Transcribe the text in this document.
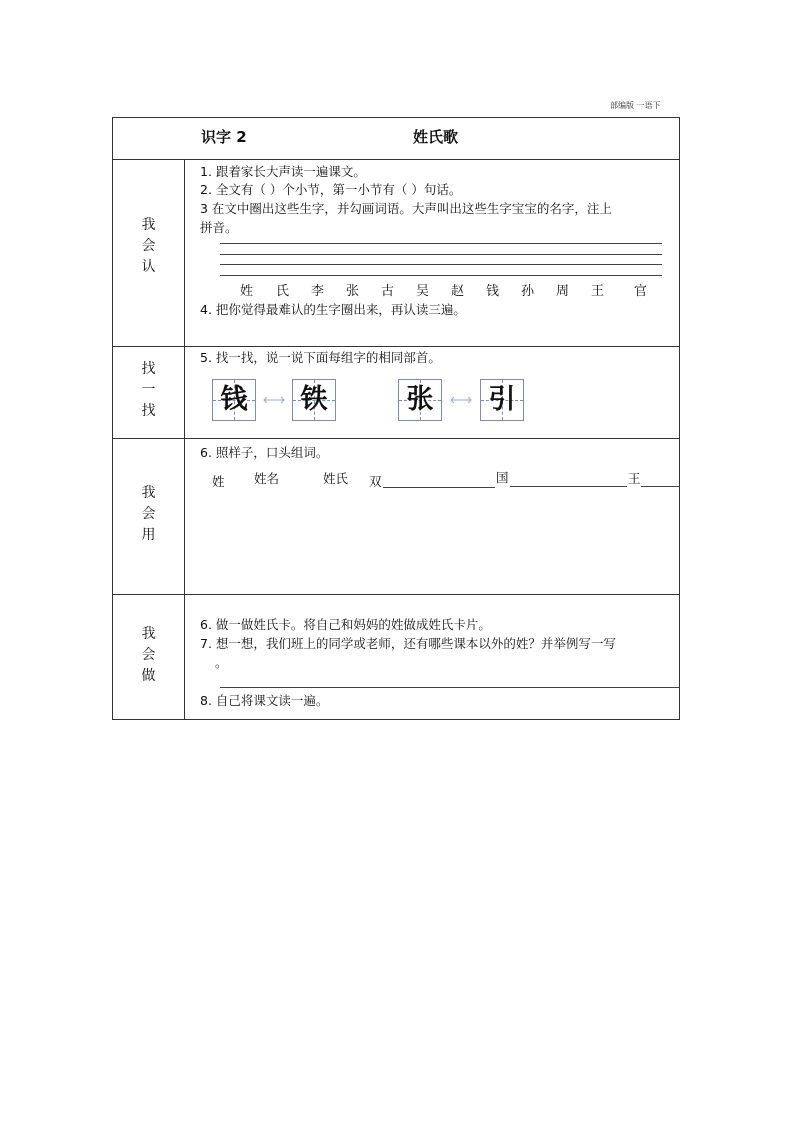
部编版 一语下
识字 2	姓氏歌
我
会
认
1. 跟着家长大声读一遍课文。
2. 全文有（ ）个小节，第一小节有（ ）句话。
3 在文中圈出这些生字，并勾画词语。大声叫出这些生字宝宝的名字，注上
拼音。
姓 氏 李 张 古 吴 赵 钱 孙 周 王 官
4. 把你觉得最难认的生字圈出来，再认读三遍。
找
一
找
5. 找一找，说一说下面每组字的相同部首。
钱 铁	张 引
我
会
用
6. 照样子，口头组词。
姓 姓名	姓氏 双	国	王
我
会
做
6. 做一做姓氏卡。将自己和妈妈的姓做成姓氏卡片。
7. 想一想，我们班上的同学或老师，还有哪些课本以外的姓？并举例写一写
。
8. 自己将课文读一遍。
